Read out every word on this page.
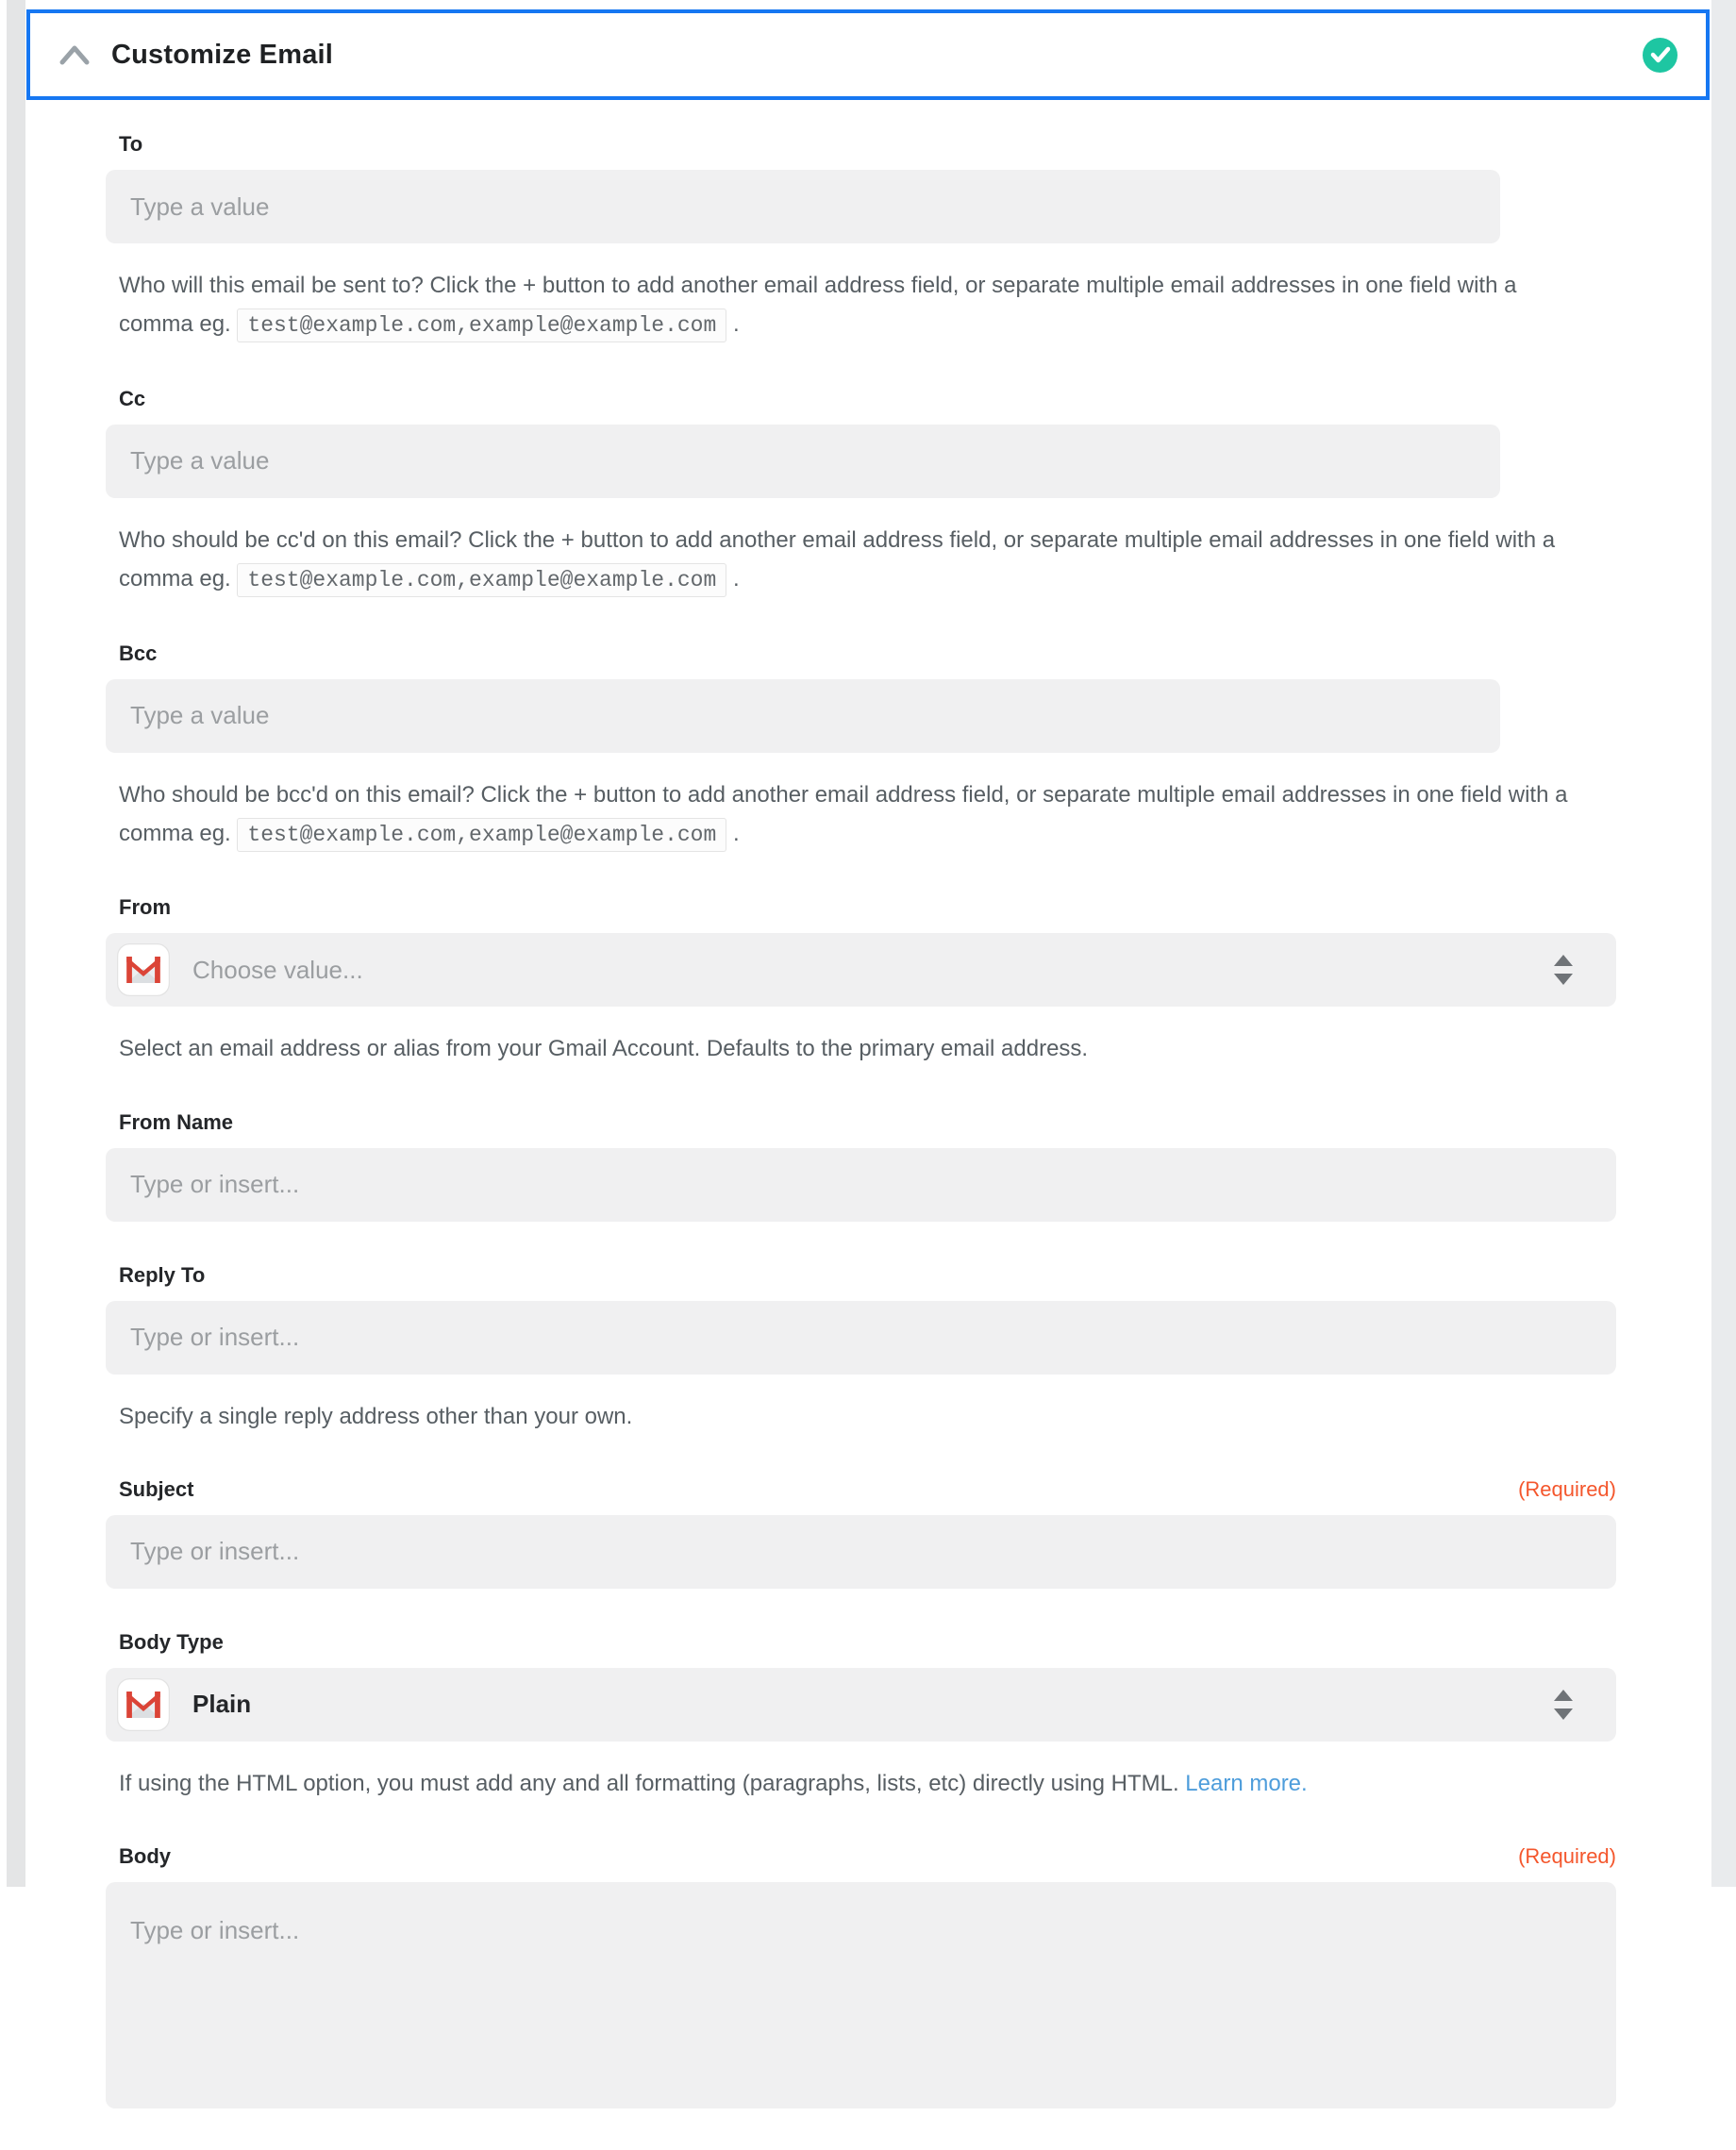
Customize Email
To
Type a value
Who will this email be sent to? Click the + button to add another email address field, or separate multiple email addresses in one field with a comma eg. test@example.com,example@example.com .
Cc
Type a value
Who should be cc'd on this email? Click the + button to add another email address field, or separate multiple email addresses in one field with a comma eg. test@example.com,example@example.com .
Bcc
Type a value
Who should be bcc'd on this email? Click the + button to add another email address field, or separate multiple email addresses in one field with a comma eg. test@example.com,example@example.com .
From
Choose value...
Select an email address or alias from your Gmail Account. Defaults to the primary email address.
From Name
Type or insert...
Reply To
Type or insert...
Specify a single reply address other than your own.
Subject	(Required)
Type or insert...
Body Type
Plain
If using the HTML option, you must add any and all formatting (paragraphs, lists, etc) directly using HTML. Learn more.
Body	(Required)
Type or insert...
